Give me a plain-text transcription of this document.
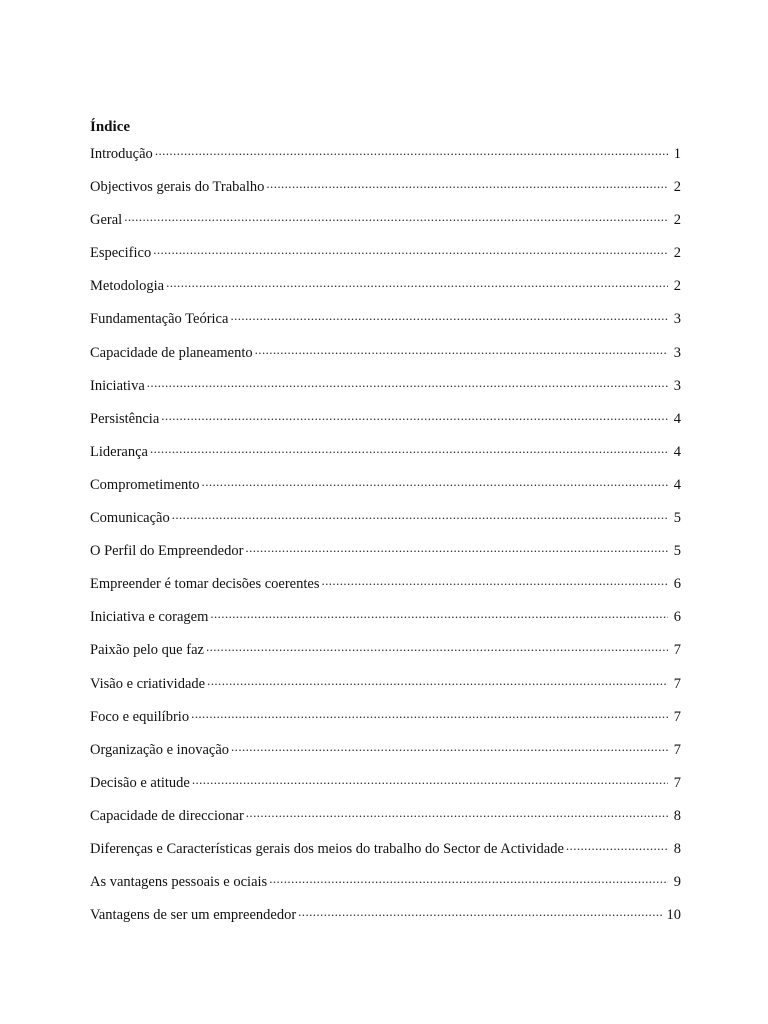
Índice
Introdução .....	1
Objectivos gerais do Trabalho .....	2
Geral .....	2
Especifico .....	2
Metodologia .....	2
Fundamentação Teórica .....	3
Capacidade de planeamento .....	3
Iniciativa .....	3
Persistência .....	4
Liderança .....	4
Comprometimento .....	4
Comunicação .....	5
O Perfil do Empreendedor .....	5
Empreender é tomar decisões coerentes .....	6
Iniciativa e coragem .....	6
Paixão pelo que faz .....	7
Visão e criatividade .....	7
Foco e equilíbrio .....	7
Organização e inovação .....	7
Decisão e atitude .....	7
Capacidade de direccionar .....	8
Diferenças e Características gerais dos meios do trabalho do Sector de Actividade .....	8
As vantagens pessoais e ociais .....	9
Vantagens de ser um empreendedor .....	10
